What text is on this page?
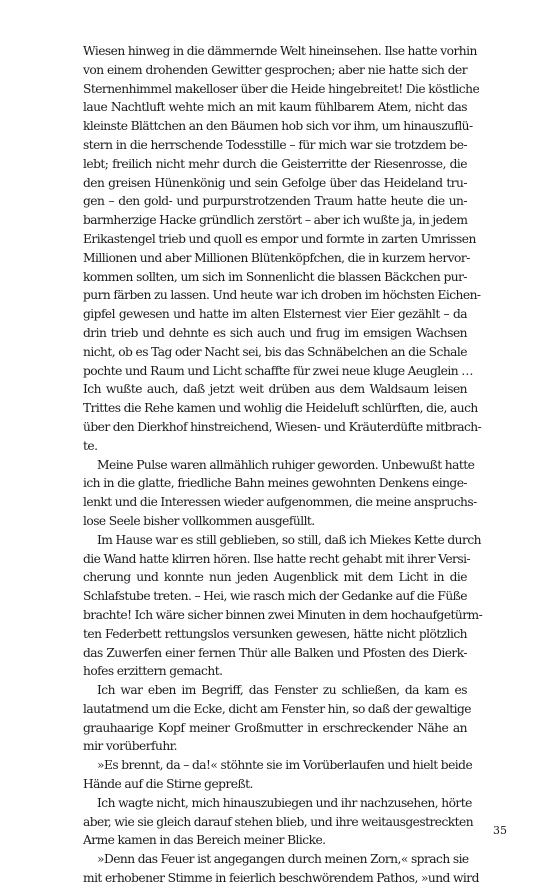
Wiesen hinweg in die dämmernde Welt hineinsehen. Ilse hatte vorhin
von einem drohenden Gewitter gesprochen; aber nie hatte sich der
Sternenhimmel makelloser über die Heide hingebreitet! Die köstliche
laue Nachtluft wehte mich an mit kaum fühlbarem Atem, nicht das
kleinste Blättchen an den Bäumen hob sich vor ihm, um hinauszuflü-
stern in die herrschende Todesstille – für mich war sie trotzdem be-
lebt; freilich nicht mehr durch die Geisterritte der Riesenrosse, die
den greisen Hünenkönig und sein Gefolge über das Heideland tru-
gen – den gold- und purpurstrotzenden Traum hatte heute die un-
barmherzige Hacke gründlich zerstört – aber ich wußte ja, in jedem
Erikastengel trieb und quoll es empor und formte in zarten Umrissen
Millionen und aber Millionen Blütenköpfchen, die in kurzem hervor-
kommen sollten, um sich im Sonnenlicht die blassen Bäckchen pur-
purn färben zu lassen. Und heute war ich droben im höchsten Eichen-
gipfel gewesen und hatte im alten Elsternest vier Eier gezählt – da
drin trieb und dehnte es sich auch und frug im emsigen Wachsen
nicht, ob es Tag oder Nacht sei, bis das Schnäbelchen an die Schale
pochte und Raum und Licht schaffte für zwei neue kluge Aeuglein …
Ich wußte auch, daß jetzt weit drüben aus dem Waldsaum leisen
Trittes die Rehe kamen und wohlig die Heideluft schlürften, die, auch
über den Dierkhof hinstreichend, Wiesen- und Kräuterdüfte mitbrach-
te.

Meine Pulse waren allmählich ruhiger geworden. Unbewußt hatte
ich in die glatte, friedliche Bahn meines gewohnten Denkens einge-
lenkt und die Interessen wieder aufgenommen, die meine anspruchs-
lose Seele bisher vollkommen ausgefüllt.

Im Hause war es still geblieben, so still, daß ich Miekes Kette durch
die Wand hatte klirren hören. Ilse hatte recht gehabt mit ihrer Versi-
cherung und konnte nun jeden Augenblick mit dem Licht in die
Schlafstube treten. – Hei, wie rasch mich der Gedanke auf die Füße
brachte! Ich wäre sicher binnen zwei Minuten in dem hochaufgetürm-
ten Federbett rettungslos versunken gewesen, hätte nicht plötzlich
das Zuwerfen einer fernen Thür alle Balken und Pfosten des Dierk-
hofes erzittern gemacht.

Ich war eben im Begriff, das Fenster zu schließen, da kam es
lautatmend um die Ecke, dicht am Fenster hin, so daß der gewaltige
grauhaarige Kopf meiner Großmutter in erschreckender Nähe an
mir vorüberfuhr.

»Es brennt, da – da!« stöhnte sie im Vorüberlaufen und hielt beide
Hände auf die Stirne gepreßt.

Ich wagte nicht, mich hinauszubiegen und ihr nachzusehen, hörte
aber, wie sie gleich darauf stehen blieb, und ihre weitausgestreckten
Arme kamen in das Bereich meiner Blicke.

»Denn das Feuer ist angegangen durch meinen Zorn,« sprach sie
mit erhobener Stimme in feierlich beschwörendem Pathos, »und wird

35
